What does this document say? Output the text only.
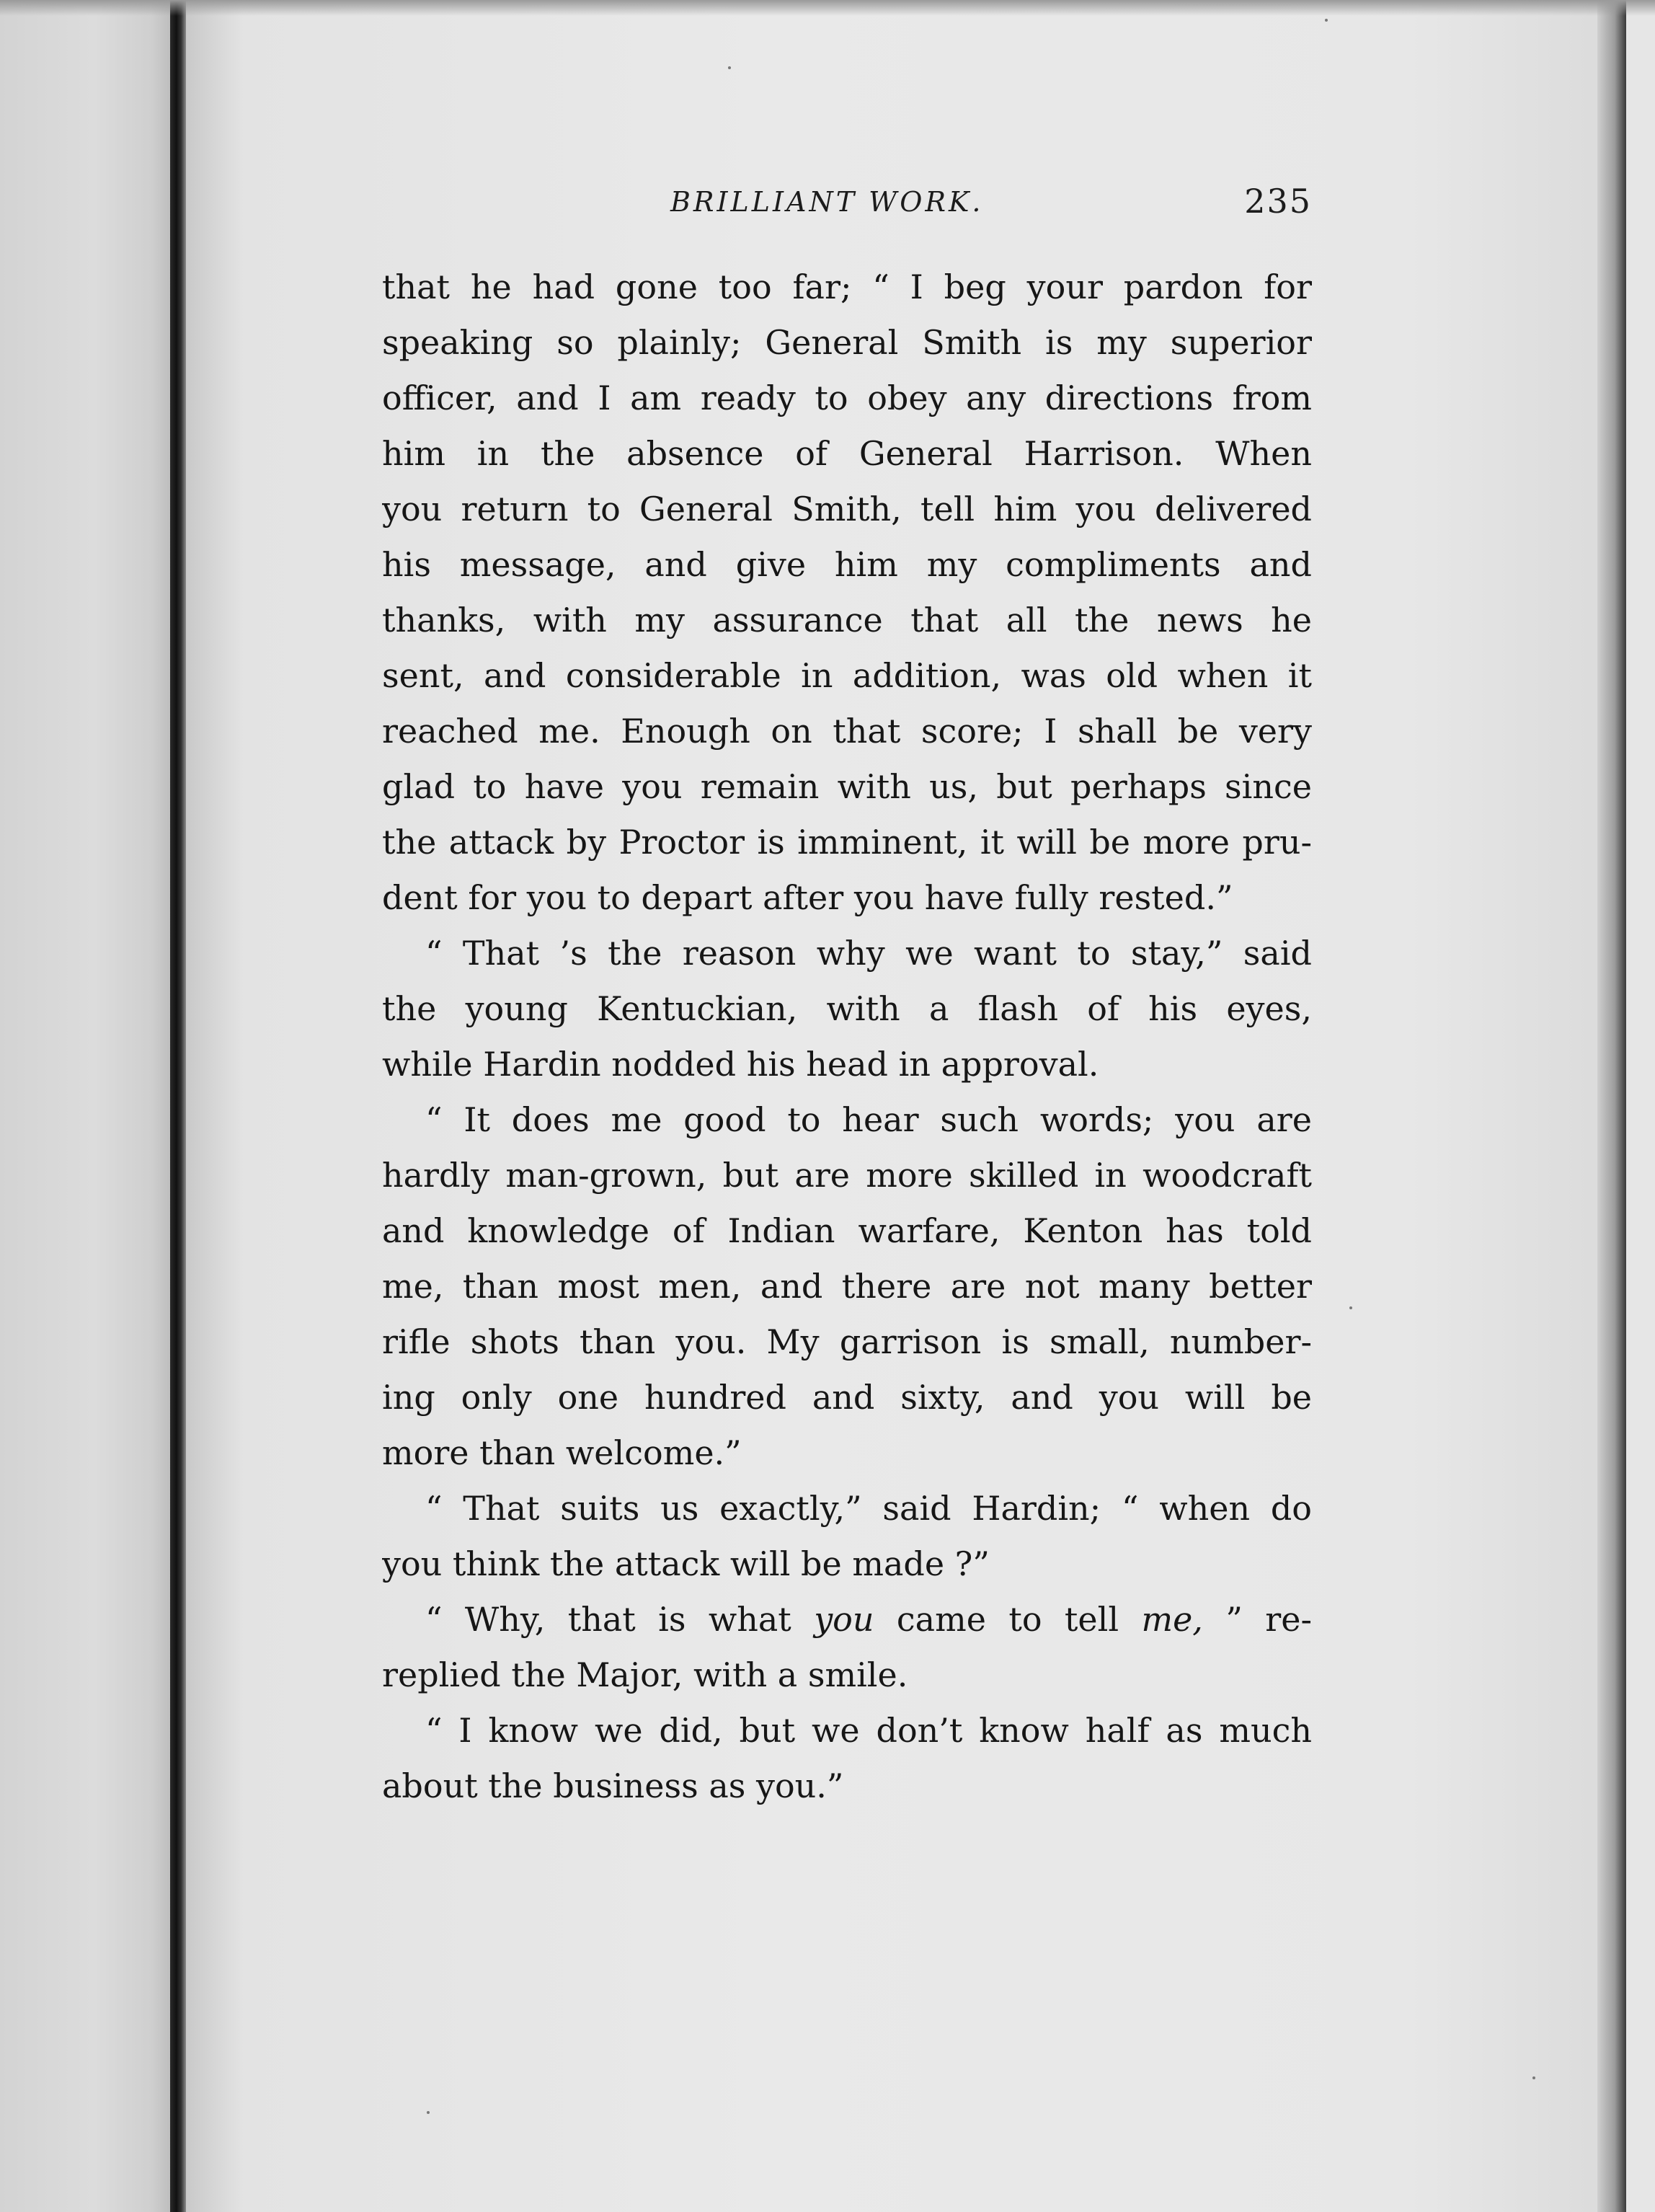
BRILLIANT WORK.	235
that he had gone too far; “ I beg your pardon for
speaking so plainly; General Smith is my superior
officer, and I am ready to obey any directions from
him in the absence of General Harrison. When
you return to General Smith, tell him you delivered
his message, and give him my compliments and
thanks, with my assurance that all the news he
sent, and considerable in addition, was old when it
reached me. Enough on that score; I shall be very
glad to have you remain with us, but perhaps since
the attack by Proctor is imminent, it will be more pru-
dent for you to depart after you have fully rested.”
“ That ’s the reason why we want to stay,” said
the young Kentuckian, with a flash of his eyes,
while Hardin nodded his head in approval.
“ It does me good to hear such words; you are
hardly man-grown, but are more skilled in woodcraft
and knowledge of Indian warfare, Kenton has told
me, than most men, and there are not many better
rifle shots than you. My garrison is small, number-
ing only one hundred and sixty, and you will be
more than welcome.”
“ That suits us exactly,” said Hardin; “ when do
you think the attack will be made ?”
“ Why, that is what you came to tell me, ” re-
replied the Major, with a smile.
“ I know we did, but we don’t know half as much
about the business as you.”
